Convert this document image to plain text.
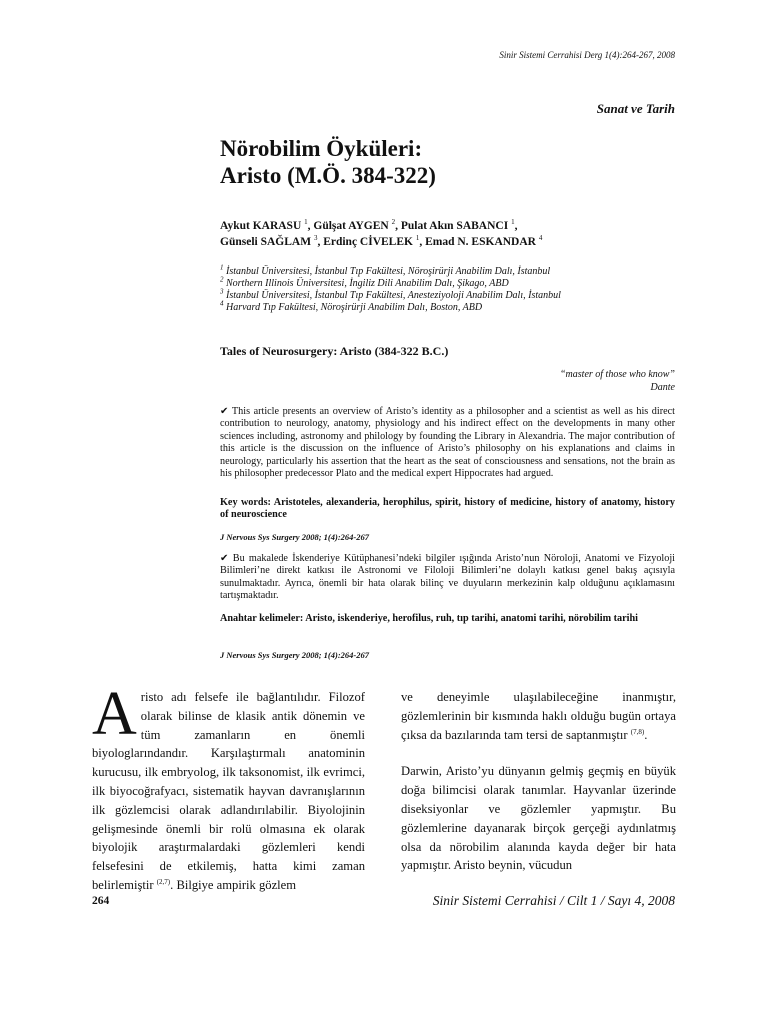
Sinir Sistemi Cerrahisi Derg 1(4):264-267, 2008
Sanat ve Tarih
Nörobilim Öyküleri:
Aristo (M.Ö. 384-322)
Aykut KARASU $^1$, Gülşat AYGEN $^2$, Pulat Akın SABANCI $^1$,
Günseli SAĞLAM $^3$, Erdinç CİVELEK $^1$, Emad N. ESKANDAR $^4$
$^1$ İstanbul Üniversitesi, İstanbul Tıp Fakültesi, Nöroşirürji Anabilim Dalı, İstanbul
$^2$ Northern Illinois Üniversitesi, İngiliz Dili Anabilim Dalı, Şikago, ABD
$^3$ İstanbul Üniversitesi, İstanbul Tıp Fakültesi, Anesteziyoloji Anabilim Dalı, İstanbul
$^4$ Harvard Tıp Fakültesi, Nöroşirürji Anabilim Dalı, Boston, ABD
Tales of Neurosurgery: Aristo (384-322 B.C.)
“master of those who know”
Dante
✔ This article presents an overview of Aristo’s identity as a philosopher and a scientist as well as his direct contribution to neurology, anatomy, physiology and his indirect effect on the developments in many other sciences including, astronomy and philology by founding the Library in Alexandria. The major contribution of this article is the discussion on the influence of Aristo’s philosophy on his explanations and claims in neurology, particularly his assertion that the heart as the seat of consciousness and sensations, not the brain as his philosopher predecessor Plato and the medical expert Hippocrates had argued.
Key words: Aristoteles, alexanderia, herophilus, spirit, history of medicine, history of anatomy, history of neuroscience
J Nervous Sys Surgery 2008; 1(4):264-267
✔ Bu makalede İskenderiye Kütüphanesi’ndeki bilgiler ışığında Aristo’nun Nöroloji, Anatomi ve Fizyoloji Bilimleri’ne direkt katkısı ile Astronomi ve Filoloji Bilimleri’ne dolaylı katkısı genel bakış açısıyla sunulmaktadır. Ayrıca, önemli bir hata olarak bilinç ve duyuların merkezinin kalp olduğunu açıklamasını tartışmaktadır.
Anahtar kelimeler: Aristo, iskenderiye, herofilus, ruh, tıp tarihi, anatomi tarihi, nörobilim tarihi
J Nervous Sys Surgery 2008; 1(4):264-267

Aristo adı felsefe ile bağlantılıdır. Filozof olarak bilinse de klasik antik dönemin ve tüm zamanların en önemli biyologlarındandır. Karşılaştırmalı anatominin kurucusu, ilk embryolog, ilk taksonomist, ilk evrimci, ilk biyocoğrafyacı, sistematik hayvan davranışlarının ilk gözlemcisi olarak adlandırılabilir. Biyolojinin gelişmesinde önemli bir rolü olmasına ek olarak biyolojik araştırmalardaki gözlemleri kendi felsefesini de etkilemiş, hatta kimi zaman belirlemiştir $^{(2,7)}$. Bilgiye ampirik gözlem

ve deneyimle ulaşılabileceğine inanmıştır, gözlemlerinin bir kısmında haklı olduğu bugün ortaya çıksa da bazılarında tam tersi de saptanmıştır $^{(7,8)}$.

Darwin, Aristo’yu dünyanın gelmiş geçmiş en büyük doğa bilimcisi olarak tanımlar. Hayvanlar üzerinde diseksiyonlar ve gözlemler yapmıştır. Bu gözlemlerine dayanarak birçok gerçeği aydınlatmış olsa da nörobilim alanında kayda değer bir hata yapmıştır. Aristo beynin, vücudun

264	Sinir Sistemi Cerrahisi / Cilt 1 / Sayı 4, 2008
